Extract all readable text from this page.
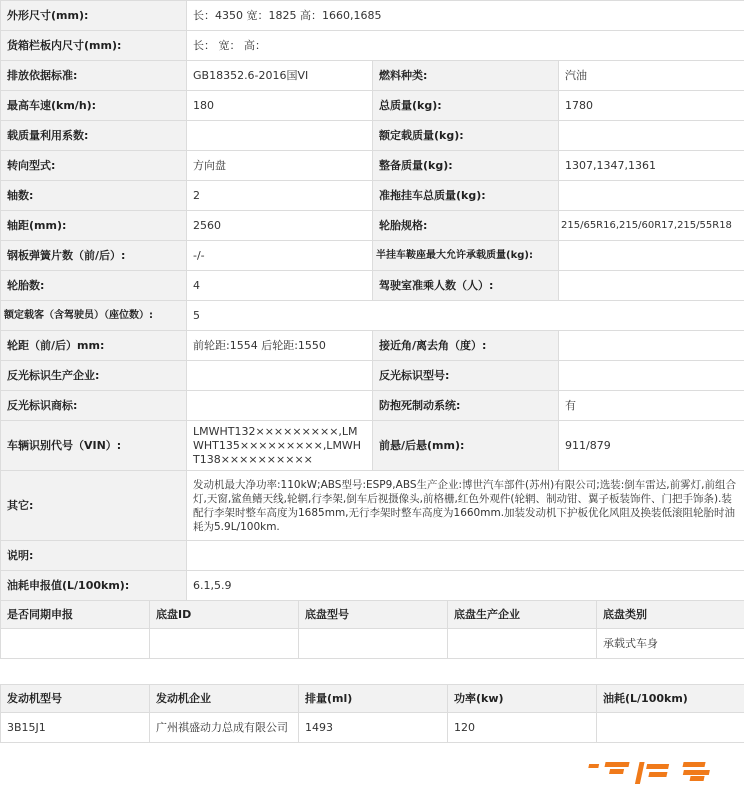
外形尺寸(mm):	长：4350 宽：1825 高：1660,1685		
货箱栏板内尺寸(mm):	长： 宽： 高：		
排放依据标准:	GB18352.6-2016国VI	燃料种类:	汽油
最高车速(km/h):	180	总质量(kg):	1780
载质量利用系数:		额定载质量(kg):	
转向型式:	方向盘	整备质量(kg):	1307,1347,1361
轴数:	2	准拖挂车总质量(kg):	
轴距(mm):	2560	轮胎规格:	215/65R16,215/60R17,215/55R18
钢板弹簧片数（前/后）:	-/-	半挂车鞍座最大允许承载质量(kg):	
轮胎数:	4	驾驶室准乘人数（人）:	
额定载客（含驾驶员）（座位数）:	5		
轮距（前/后）mm:	前轮距:1554 后轮距:1550	接近角/离去角（度）:	
反光标识生产企业:		反光标识型号:	
反光标识商标:		防抱死制动系统:	有
车辆识别代号（VIN）:	LMWHT132×××××××××,LMWHT135×××××××××,LMWHT138××××××××××	前悬/后悬(mm):	911/879
其它:	发动机最大净功率:110kW;ABS型号:ESP9,ABS生产企业:博世汽车部件(苏州)有限公司;选装:倒车雷达,前雾灯,前组合灯,天窗,鲨鱼鳍天线,轮辋,行李架,倒车后视摄像头,前格栅,红色外观件(轮辋、制动钳、翼子板装饰件、门把手饰条).装配行李架时整车高度为1685mm,无行李架时整车高度为1660mm.加装发动机下护板优化风阻及换装低滚阻轮胎时油耗为5.9L/100km.		
说明:			
油耗申报值(L/100km):	6.1,5.9		
是否同期申报	底盘ID	底盘型号	底盘生产企业	底盘类别
				承载式车身
发动机型号	发动机企业	排量(ml)	功率(kw)	油耗(L/100km)
3B15J1	广州祺盛动力总成有限公司	1493	120	
